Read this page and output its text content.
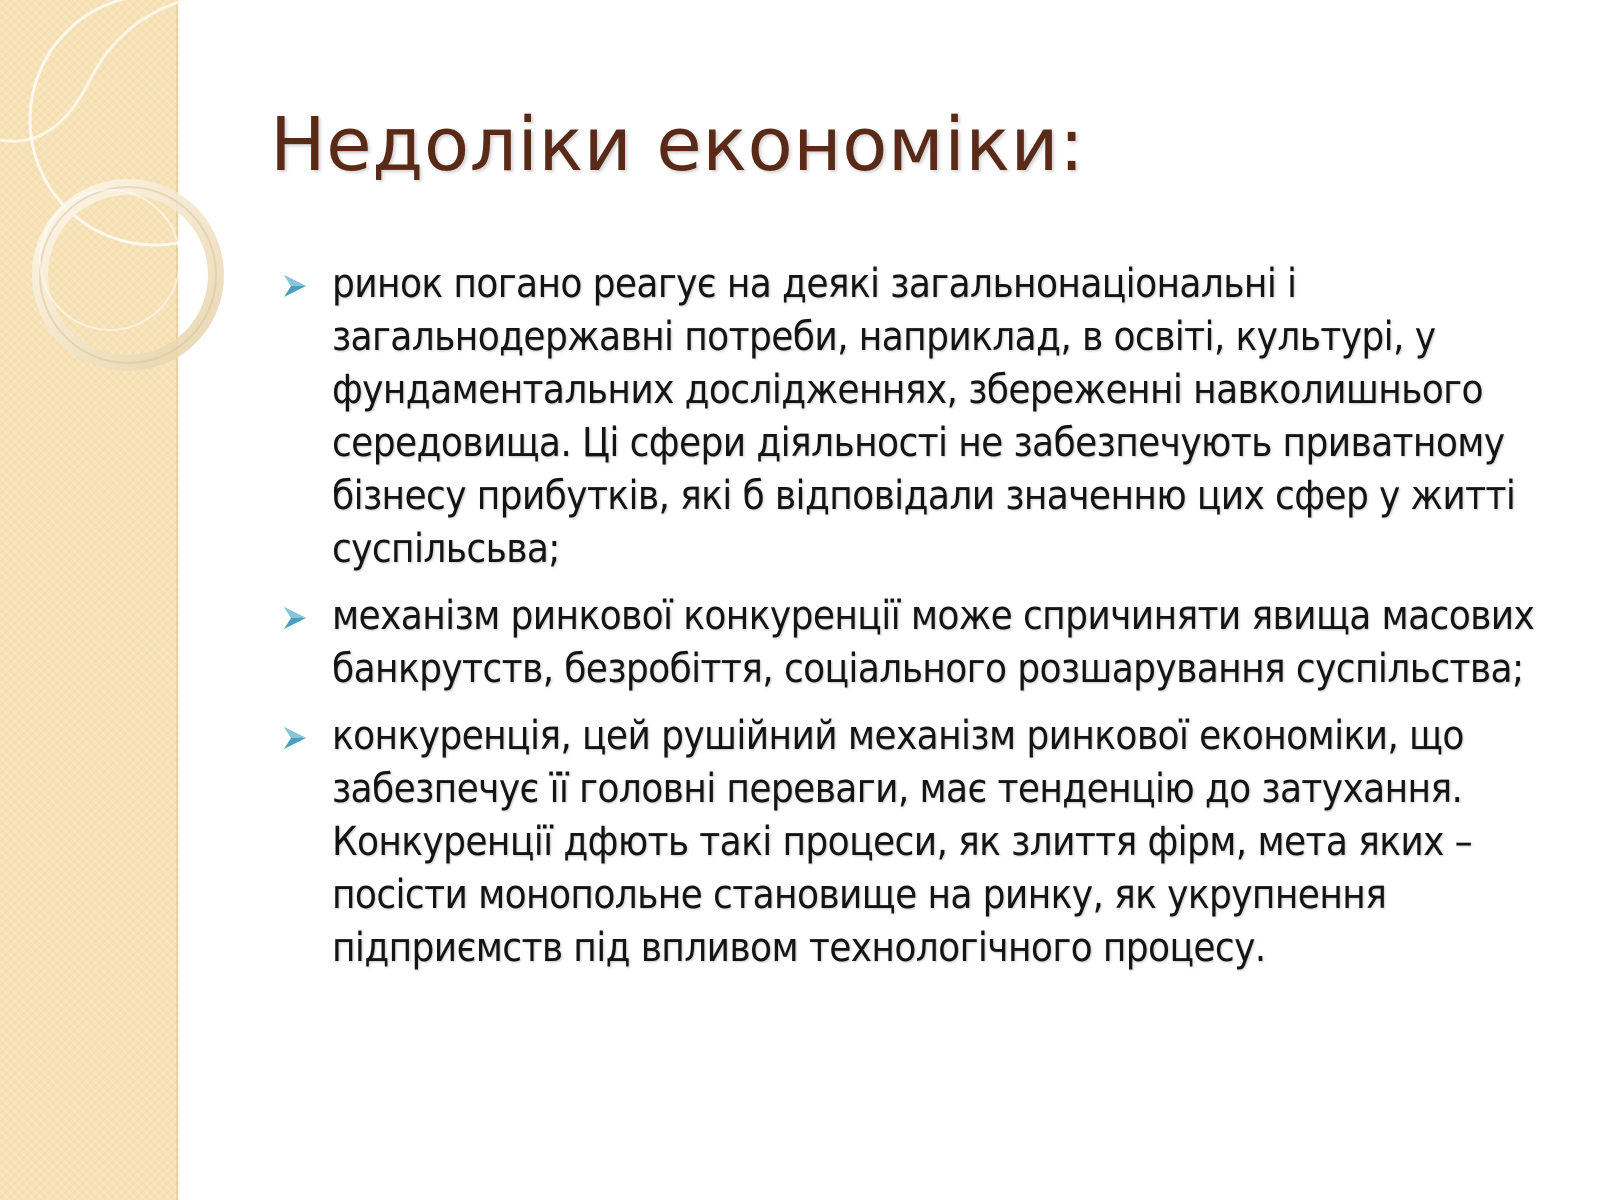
Недоліки економіки:
ринок погано реагує на деякі загальнонаціональні і загальнодержавні потреби, наприклад, в освіті, культурі, у фундаментальних дослідженнях, збереженні навколишнього середовища. Ці сфери діяльності не забезпечують приватному бізнесу прибутків, які б відповідали значенню цих сфер у житті суспільсьва;
механізм ринкової конкуренції може спричиняти явища масових банкрутств, безробіття, соціального розшарування суспільства;
конкуренція, цей рушійний механізм ринкової економіки, що забезпечує її головні переваги, має тенденцію до затухання. Конкуренції дфють такі процеси, як злиття фірм, мета яких – посісти монопольне становище на ринку, як укрупнення підприємств під впливом технологічного процесу.
